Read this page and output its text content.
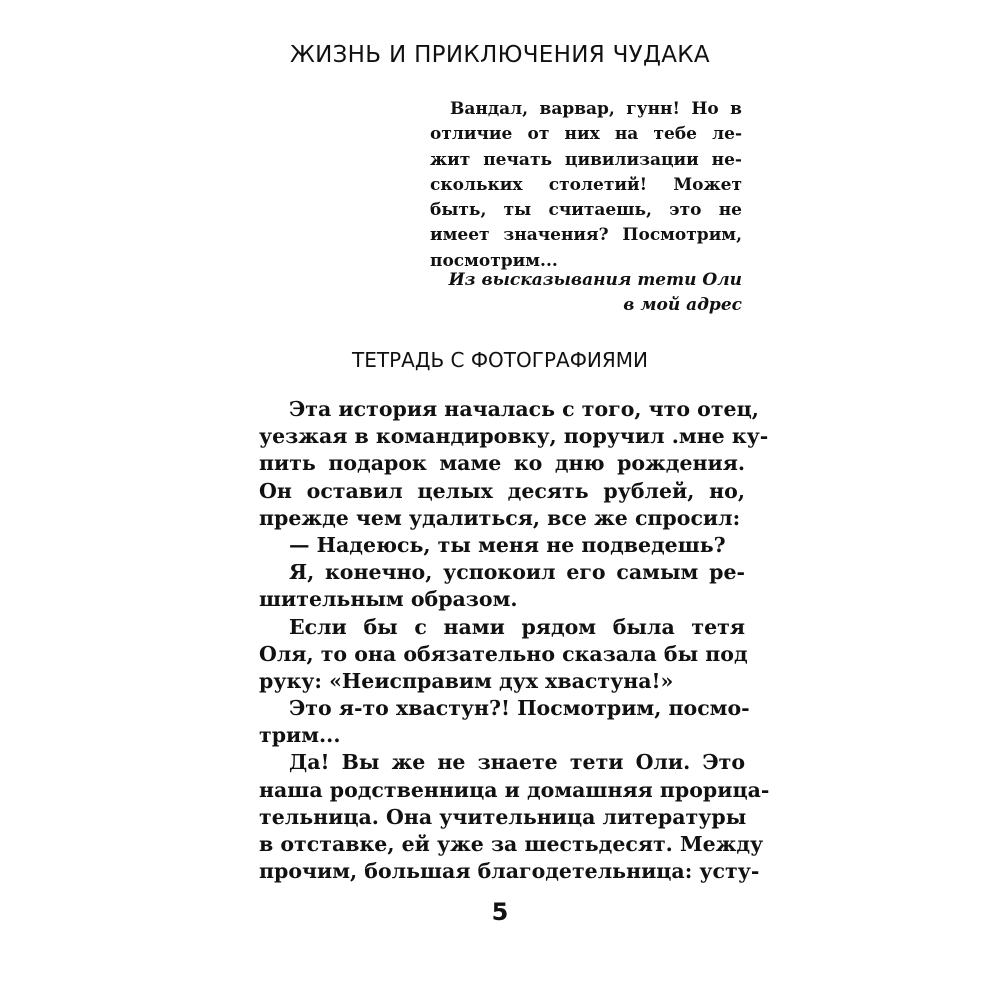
ЖИЗНЬ И ПРИКЛЮЧЕНИЯ ЧУДАКА
Вандал, варвар, гунн! Но в
отличие от них на тебе ле-
жит печать цивилизации не-
скольких столетий! Может
быть, ты считаешь, это не
имеет значения? Посмотрим,
посмотрим...
Из высказывания тети Оли
в мой адрес
ТЕТРАДЬ С ФОТОГРАФИЯМИ
Эта история началась с того, что отец,
уезжая в командировку, поручил .мне ку-
пить подарок маме ко дню рождения.
Он оставил целых десять рублей, но,
прежде чем удалиться, все же спросил:
— Надеюсь, ты меня не подведешь?
Я, конечно, успокоил его самым ре-
шительным образом.
Если бы с нами рядом была тетя
Оля, то она обязательно сказала бы под
руку: «Неисправим дух хвастуна!»
Это я-то хвастун?! Посмотрим, посмо-
трим...
Да! Вы же не знаете тети Оли. Это
наша родственница и домашняя прорица-
тельница. Она учительница литературы
в отставке, ей уже за шестьдесят. Между
прочим, большая благодетельница: усту-
5
